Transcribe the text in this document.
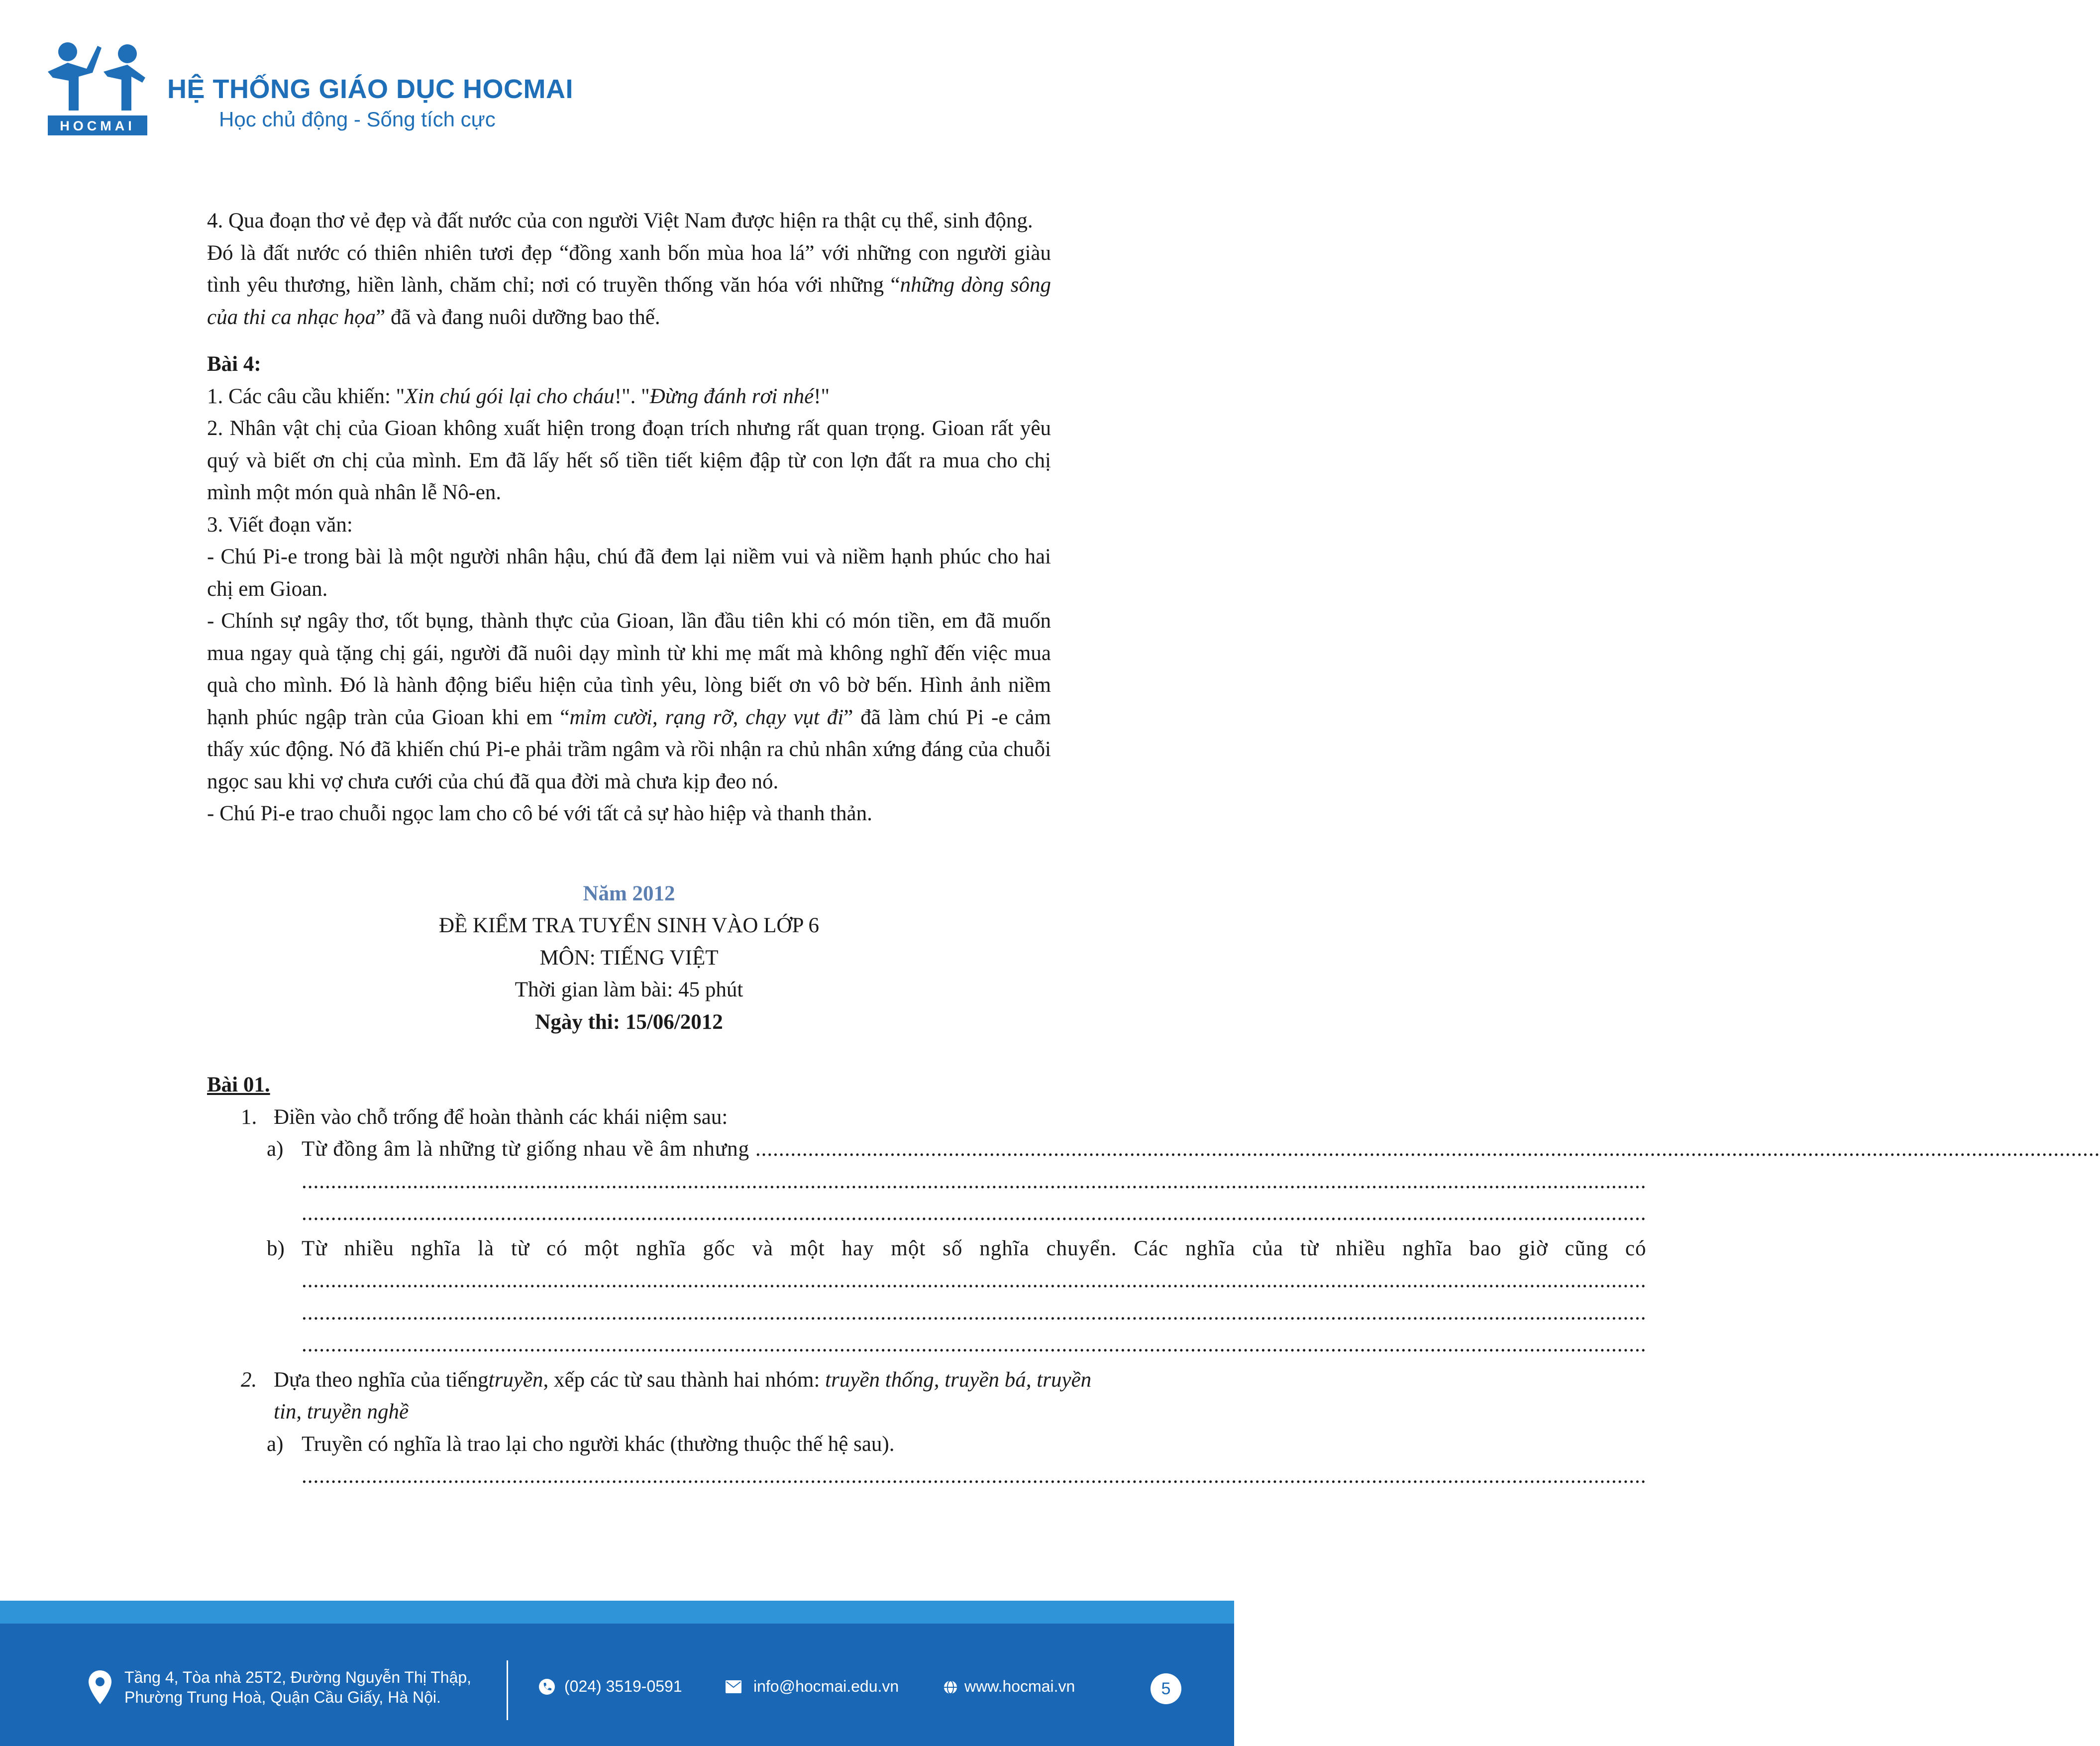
HOCMAI
HỆ THỐNG GIÁO DỤC HOCMAI
Học chủ động - Sống tích cực

4. Qua đoạn thơ vẻ đẹp và đất nước của con người Việt Nam được hiện ra thật cụ thể, sinh động.

Đó là đất nước có thiên nhiên tươi đẹp “đồng xanh bốn mùa hoa lá” với những con người giàu tình yêu thương, hiền lành, chăm chỉ; nơi có truyền thống văn hóa với những “những dòng sông của thi ca nhạc họa” đã và đang nuôi dưỡng bao thế.

Bài 4:

1. Các câu cầu khiến: "Xin chú gói lại cho cháu!". "Đừng đánh rơi nhé!"

2. Nhân vật chị của Gioan không xuất hiện trong đoạn trích nhưng rất quan trọng. Gioan rất yêu quý và biết ơn chị của mình. Em đã lấy hết số tiền tiết kiệm đập từ con lợn đất ra mua cho chị mình một món quà nhân lễ Nô-en.

3. Viết đoạn văn:

- Chú Pi-e trong bài là một người nhân hậu, chú đã đem lại niềm vui và niềm hạnh phúc cho hai chị em Gioan.

- Chính sự ngây thơ, tốt bụng, thành thực của Gioan, lần đầu tiên khi có món tiền, em đã muốn mua ngay quà tặng chị gái, người đã nuôi dạy mình từ khi mẹ mất mà không nghĩ đến việc mua quà cho mình. Đó là hành động biểu hiện của tình yêu, lòng biết ơn vô bờ bến. Hình ảnh niềm hạnh phúc ngập tràn của Gioan khi em “mỉm cười, rạng rỡ, chạy vụt đi” đã làm chú Pi -e cảm thấy xúc động. Nó đã khiến chú Pi-e phải trầm ngâm và rồi nhận ra chủ nhân xứng đáng của chuỗi ngọc sau khi vợ chưa cưới của chú đã qua đời mà chưa kịp đeo nó.

- Chú Pi-e trao chuỗi ngọc lam cho cô bé với tất cả sự hào hiệp và thanh thản.

Năm 2012

ĐỀ KIỂM TRA TUYỂN SINH VÀO LỚP 6

MÔN: TIẾNG VIỆT

Thời gian làm bài: 45 phút

Ngày thi: 15/06/2012

Bài 01.

1. Điền vào chỗ trống để hoàn thành các khái niệm sau:
a) Từ đồng âm là những từ giống nhau về âm nhưng ......................................................................................................................................................................................................................................
......................................................................................................................................................................................................................................
......................................................................................................................................................................................................................................
b) Từ nhiều nghĩa là từ có một nghĩa gốc và một hay một số nghĩa chuyển. Các nghĩa của từ nhiều nghĩa bao giờ cũng có ......................................................................................................................................................................................................................................
......................................................................................................................................................................................................................................
......................................................................................................................................................................................................................................
2. Dựa theo nghĩa của tiếngtruyền, xếp các từ sau thành hai nhóm: truyền thống, truyền bá, truyền tin, truyền nghề
a) Truyền có nghĩa là trao lại cho người khác (thường thuộc thế hệ sau).

......................................................................................................................................................................................................................................
Tầng 4, Tòa nhà 25T2, Đường Nguyễn Thị Thập,
Phường Trung Hoà, Quận Cầu Giấy, Hà Nội.
(024) 3519-0591	info@hocmai.edu.vn	www.hocmai.vn	5
